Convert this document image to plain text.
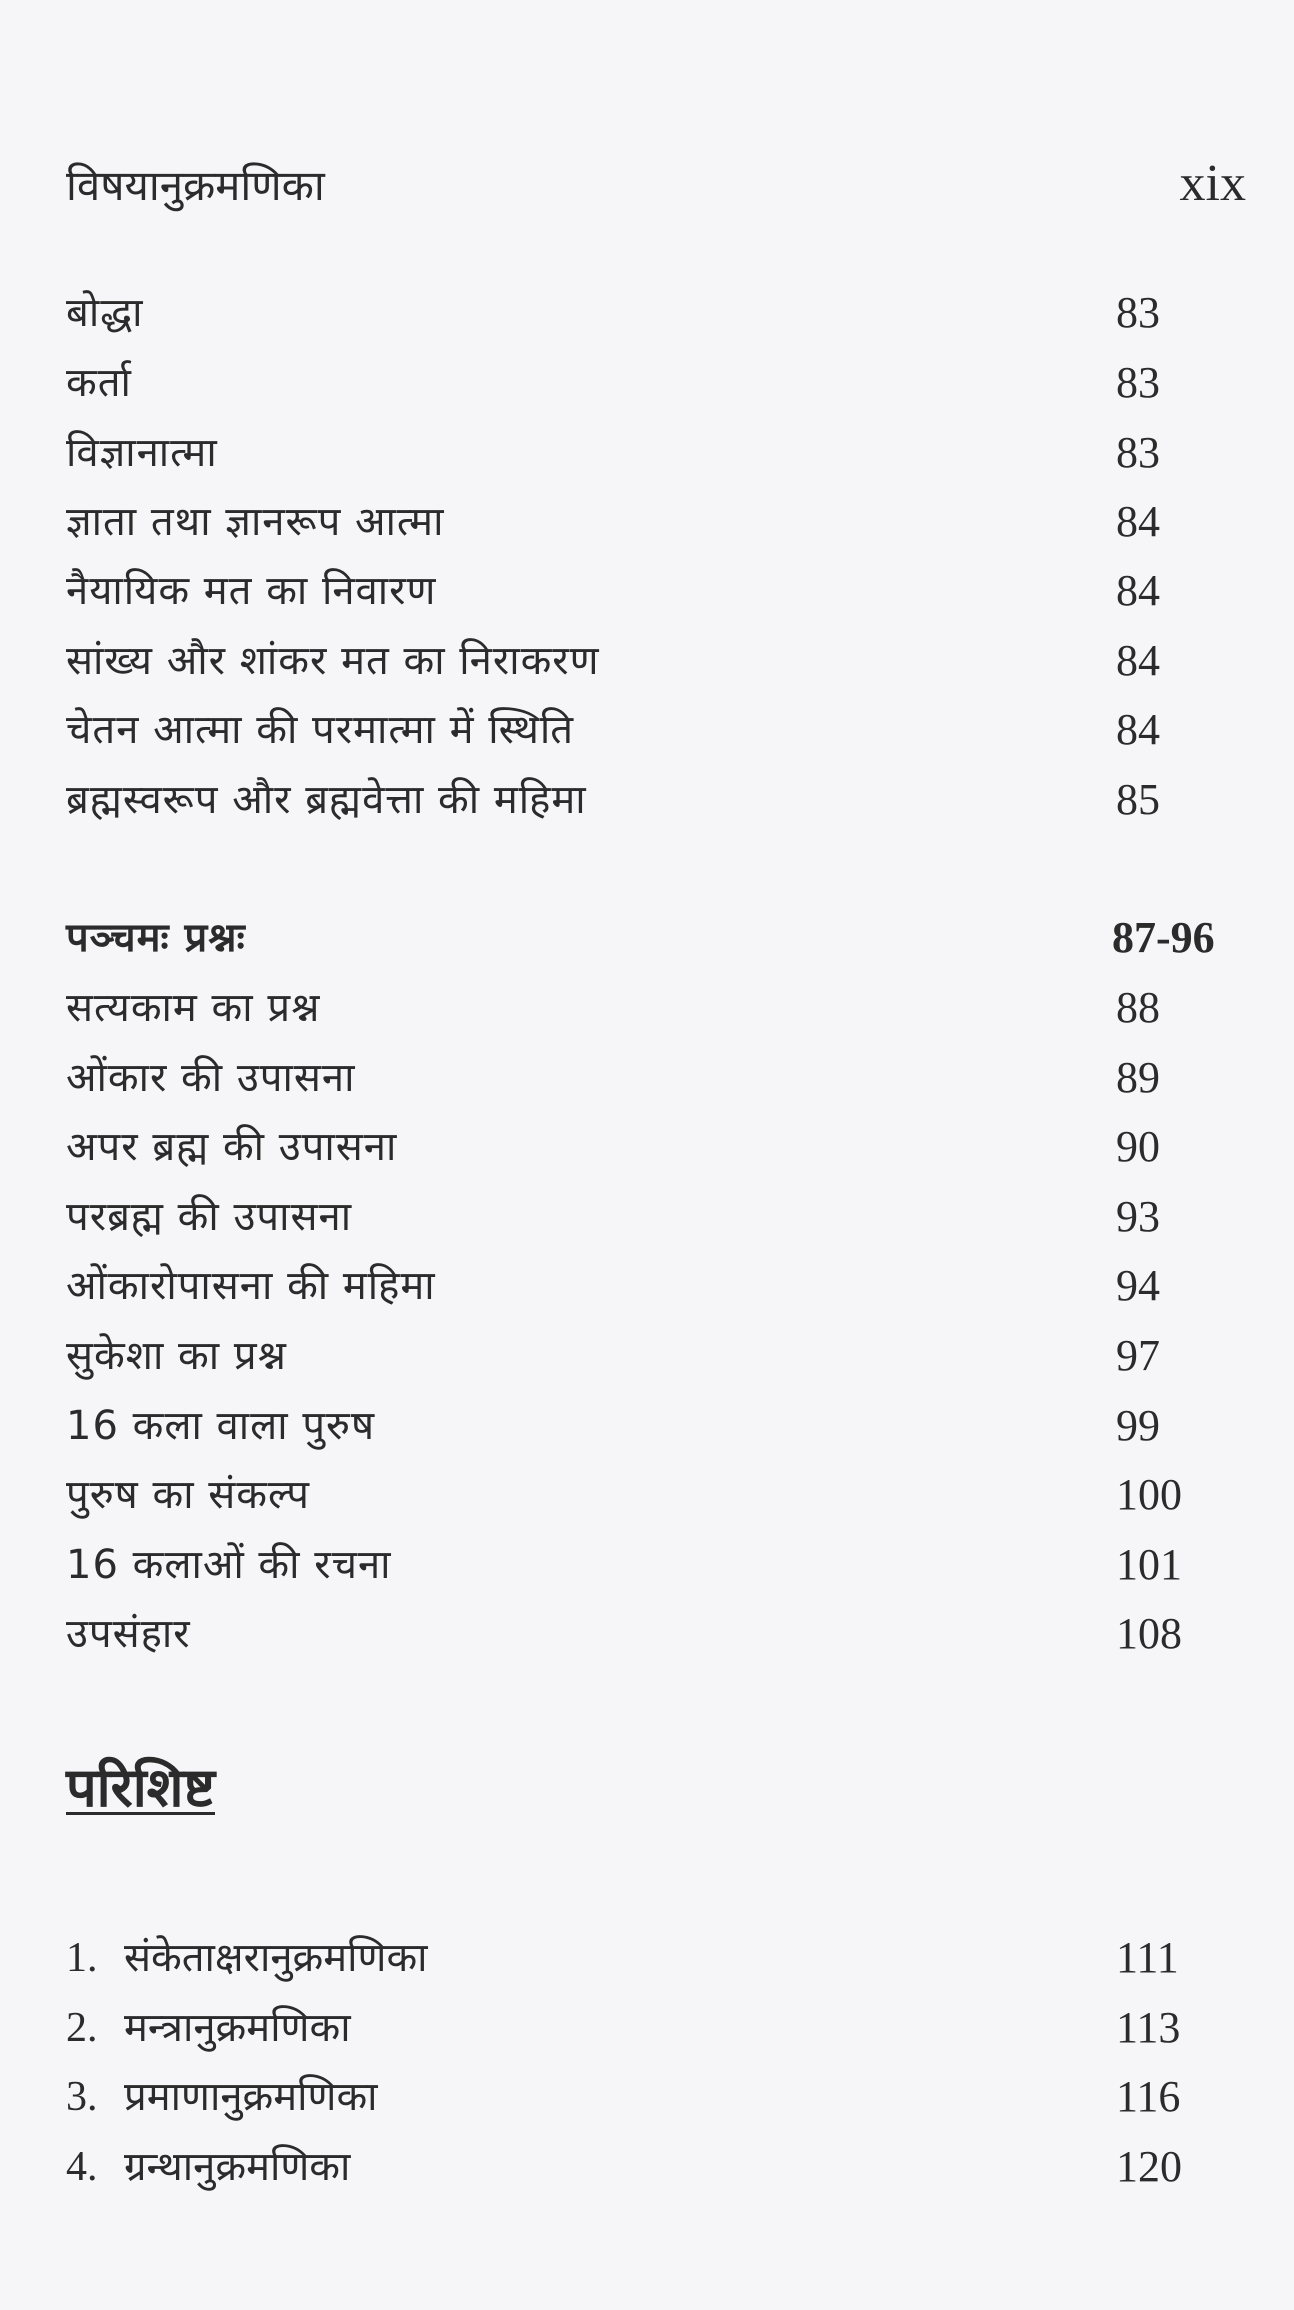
विषयानुक्रमणिका	xix
बोद्धा	83
कर्ता	83
विज्ञानात्मा	83
ज्ञाता तथा ज्ञानरूप आत्मा	84
नैयायिक मत का निवारण	84
सांख्य और शांकर मत का निराकरण	84
चेतन आत्मा की परमात्मा में स्थिति	84
ब्रह्मस्वरूप और ब्रह्मवेत्ता की महिमा	85
पञ्चमः प्रश्नः	87-96
सत्यकाम का प्रश्न	88
ओंकार की उपासना	89
अपर ब्रह्म की उपासना	90
परब्रह्म की उपासना	93
ओंकारोपासना की महिमा	94
सुकेशा का प्रश्न	97
16 कला वाला पुरुष	99
पुरुष का संकल्प	100
16 कलाओं की रचना	101
उपसंहार	108
परिशिष्ट
1. संकेताक्षरानुक्रमणिका	111
2. मन्त्रानुक्रमणिका	113
3. प्रमाणानुक्रमणिका	116
4. ग्रन्थानुक्रमणिका	120
